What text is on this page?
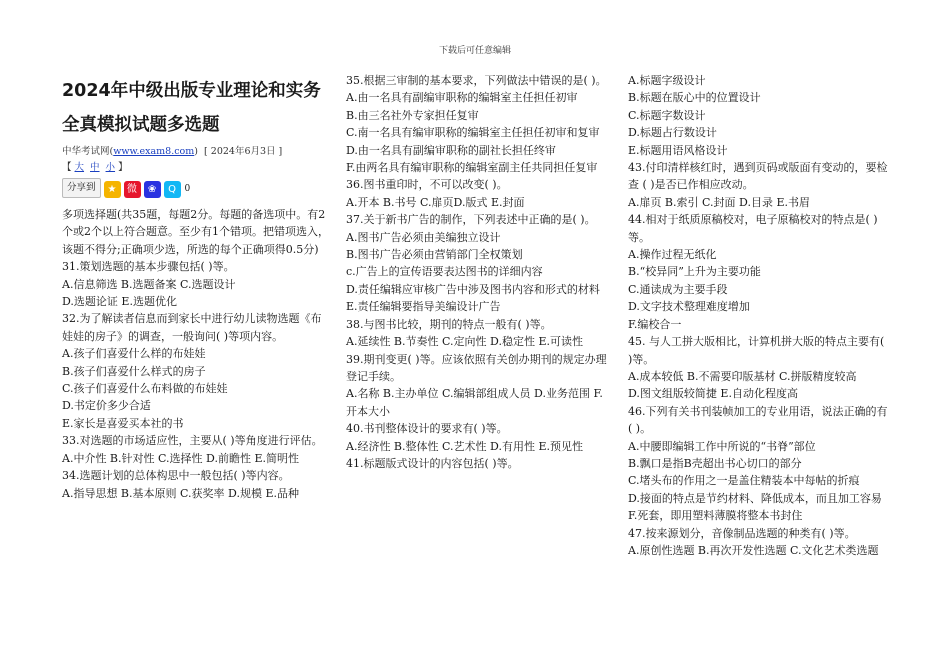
下载后可任意编辑
2024年中级出版专业理论和实务全真模拟试题多选题
中华考试网(www.exam8.com)  [ 2024年6月3日 ]
【 大 中 小 】
分享到	★	微	❀	Q 0

多项选择题(共35题，每题2分。每题的备选项中。有2个或2个以上符合题意。至少有1个错项。把错项选入，该题不得分;正确项少选，所选的每个正确项得0.5分)

31.策划选题的基本步骤包括( )等。

A.信息筛选 B.选题备案 C.选题设计

D.选题论证 E.选题优化

32.为了解读者信息而到家长中进行幼儿读物选题《布娃娃的房子》的调查，一般询问( )等项内容。

A.孩子们喜爱什么样的布娃娃

B.孩子们喜爱什么样式的房子

C.孩子们喜爱什么布料做的布娃娃

D.书定价多少合适

E.家长是喜爱买本社的书

33.对选题的市场适应性，主要从( )等角度进行评估。

A.中介性 B.针对性 C.选择性 D.前瞻性 E.简明性

34.选题计划的总体构思中一般包括( )等内容。

A.指导思想 B.基本原则 C.获奖率 D.规模 E.品种

35.根据三审制的基本要求，下列做法中错误的是( )。

A.由一名具有副编审职称的编辑室主任担任初审

B.由三名社外专家担任复审

C.南一名具有编审职称的编辑室主任担任初审和复审

D.由一名具有副编审职称的副社长担任终审

F.由两名具有编审职称的编辑室副主任共同担任复审

36.图书重印时，不可以改变( )。

A.开本 B.书号 C.扉页D.版式 E.封面

37.关于新书广告的制作，下列表述中正确的是( )。

A.图书广告必须由美编独立设计

B.图书广告必须由营销部门全权策划

c.广告上的宣传语要表达图书的详细内容

D.责任编辑应审核广告中涉及图书内容和形式的材料

E.责任编辑要指导美编设计广告

38.与图书比较，期刊的特点一般有( )等。

A.延续性 B.节奏性 C.定向性 D.稳定性 E.可读性

39.期刊变更( )等。应该依照有关创办期刊的规定办理登记手续。

A.名称 B.主办单位 C.编辑部组成人员 D.业务范围 F.开本大小

40.书刊整体设计的要求有( )等。

A.经济性 B.整体性 C.艺术性 D.有用性 E.预见性

41.标题版式设计的内容包括( )等。

A.标题字级设计

B.标题在版心中的位置设计

C.标题字数设计

D.标题占行数设计

E.标题用语风格设计

43.付印清样核红时，遇到页码或版面有变动的，要检查 ( )是否已作相应改动。

A.扉页 B.索引 C.封面 D.目录 E.书眉

44.相对于纸质原稿校对，电子原稿校对的特点是( )等。

A.操作过程无纸化

B.“校异同”上升为主要功能

C.通读成为主要手段

D.文字技术整理难度增加

F.编校合一

45. 与人工拼大版相比，计算机拼大版的特点主要有( )等。

A.成本较低 B.不需要印版基材 C.拼版精度较高

D.图文组版较简捷 E.自动化程度高

46.下列有关书刊装帧加工的专业用语，说法正确的有 ( )。

A.中腰即编辑工作中所说的“书脊”部位

B.飘口是指B壳超出书心切口的部分

C.堵头布的作用之一是盖住精装本中每帖的折痕

D.接面的特点是节约材料、降低成本，而且加工容易

F.死套，即用塑料薄膜将整本书封住

47.按来源划分，音像制品选题的种类有( )等。

A.原创性选题 B.再次开发性选题 C.文化艺术类选题
